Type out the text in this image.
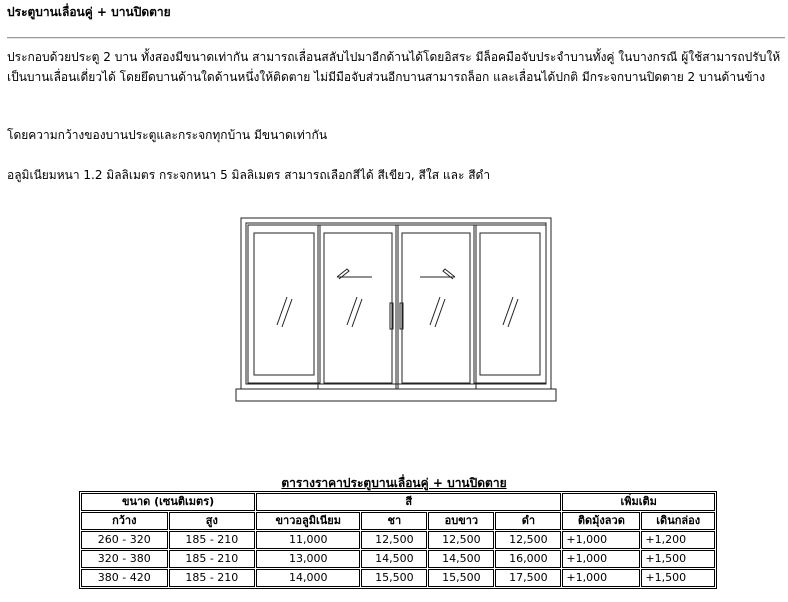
ประตูบานเลื่อนคู่ + บานปิดตาย

ประกอบด้วยประตู 2 บาน ทั้งสองมีขนาดเท่ากัน สามารถเลื่อนสลับไปมาอีกด้านได้โดยอิสระ มีล็อคมือจับประจำบานทั้งคู่ ในบางกรณี ผู้ใช้สามารถปรับให้เป็นบานเลื่อนเดี่ยวได้ โดยยึดบานด้านใดด้านหนึ่งให้ติดตาย ไม่มีมือจับส่วนอีกบานสามารถล็อก และเลื่อนได้ปกติ มีกระจกบานปิดตาย 2 บานด้านข้าง

โดยความกว้างของบานประตูและกระจกทุกบ้าน มีขนาดเท่ากัน

อลูมิเนียมหนา 1.2 มิลลิเมตร กระจกหนา 5 มิลลิเมตร สามารถเลือกสีได้ สีเขียว, สีใส และ สีดำ

ตารางราคาประตูบานเลื่อนคู่ + บานปิดตาย
ขนาด (เซนติเมตร)		สี				เพิ่มเติม	
กว้าง	สูง	ขาวอลูมิเนียม	ชา	อบขาว	ดำ	ติดมุ้งลวด	เดินกล่อง
260 - 320	185 - 210	11,000	12,500	12,500	12,500	+1,000	+1,200
320 - 380	185 - 210	13,000	14,500	14,500	16,000	+1,000	+1,500
380 - 420	185 - 210	14,000	15,500	15,500	17,500	+1,000	+1,500
